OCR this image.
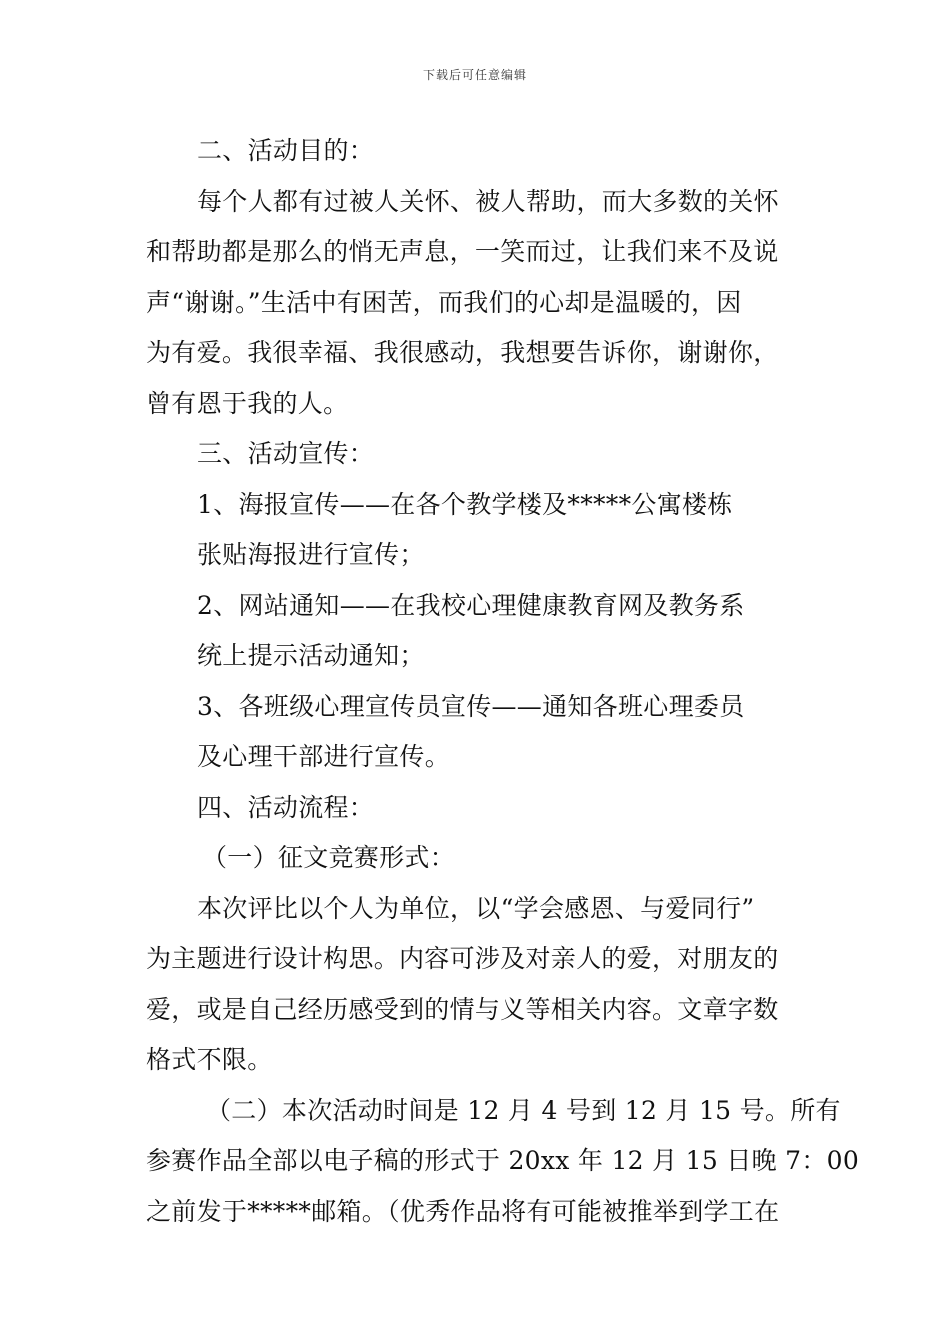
下载后可任意编辑
二、活动目的：
每个人都有过被人关怀、被人帮助，而大多数的关怀
和帮助都是那么的悄无声息，一笑而过，让我们来不及说
声“谢谢。”生活中有困苦，而我们的心却是温暖的，因
为有爱。我很幸福、我很感动，我想要告诉你，谢谢你，
曾有恩于我的人。
三、活动宣传：
1、海报宣传——在各个教学楼及*****公寓楼栋
张贴海报进行宣传；
2、网站通知——在我校心理健康教育网及教务系
统上提示活动通知；
3、各班级心理宣传员宣传——通知各班心理委员
及心理干部进行宣传。
四、活动流程：
（一）征文竞赛形式：
本次评比以个人为单位，以“学会感恩、与爱同行”
为主题进行设计构思。内容可涉及对亲人的爱，对朋友的
爱，或是自己经历感受到的情与义等相关内容。文章字数
格式不限。
（二）本次活动时间是 12 月 4 号到 12 月 15 号。所有
参赛作品全部以电子稿的形式于 20xx 年 12 月 15 日晚 7：00
之前发于*****邮箱。（优秀作品将有可能被推举到学工在
